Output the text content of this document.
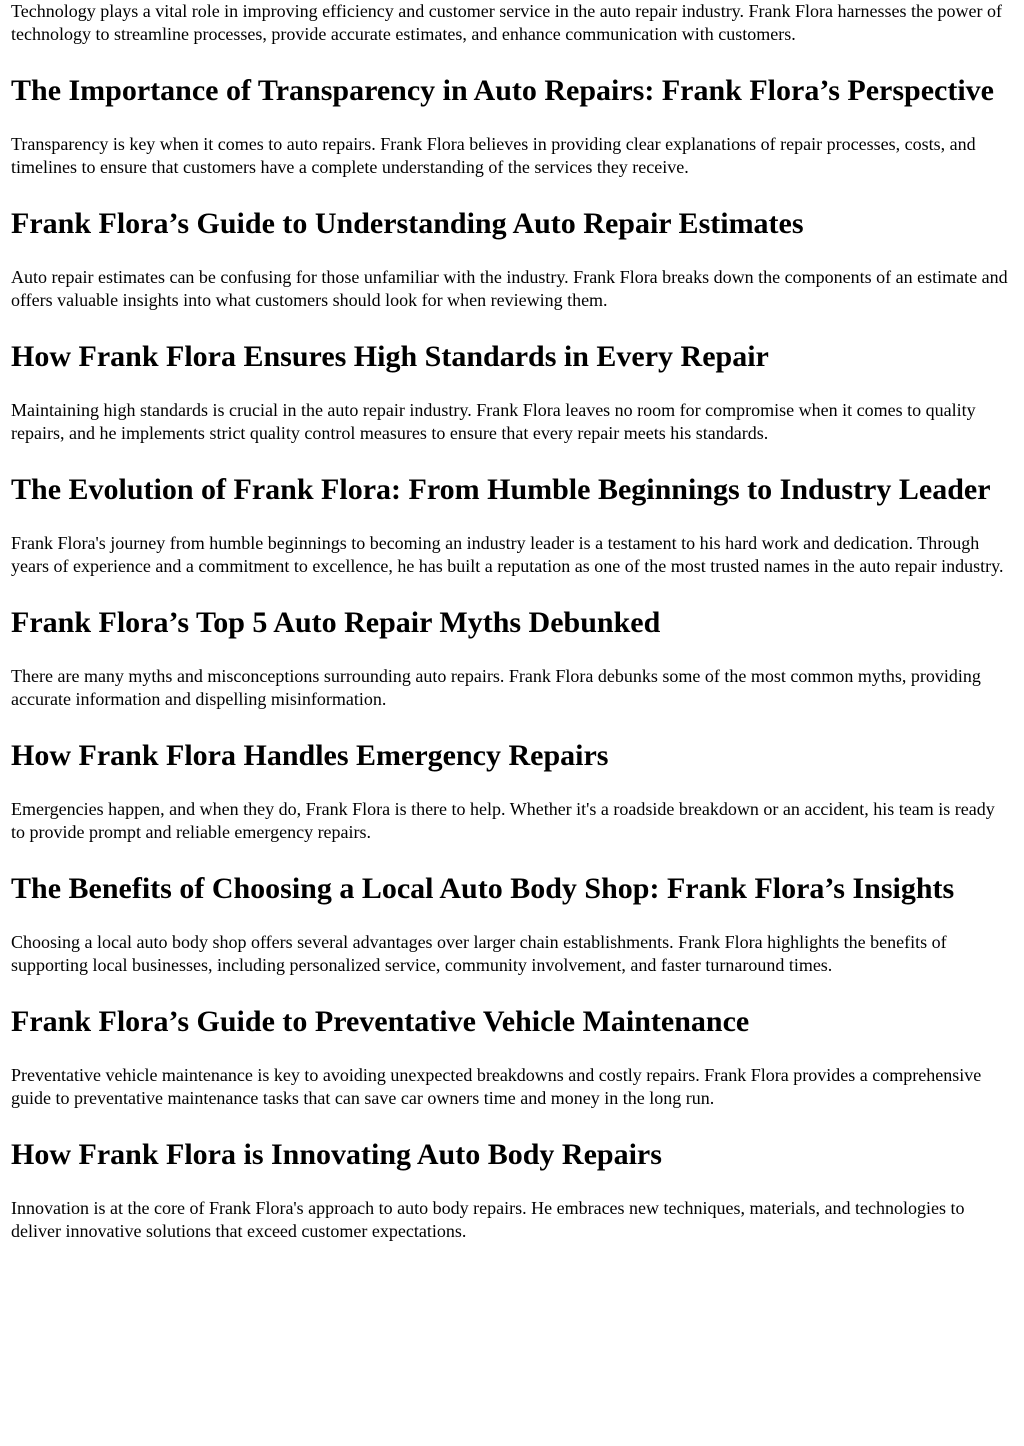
Technology plays a vital role in improving efficiency and customer service in the auto repair industry. Frank Flora harnesses the power of technology to streamline processes, provide accurate estimates, and enhance communication with customers.

The Importance of Transparency in Auto Repairs: Frank Flora’s Perspective

Transparency is key when it comes to auto repairs. Frank Flora believes in providing clear explanations of repair processes, costs, and timelines to ensure that customers have a complete understanding of the services they receive.

Frank Flora’s Guide to Understanding Auto Repair Estimates

Auto repair estimates can be confusing for those unfamiliar with the industry. Frank Flora breaks down the components of an estimate and offers valuable insights into what customers should look for when reviewing them.

How Frank Flora Ensures High Standards in Every Repair

Maintaining high standards is crucial in the auto repair industry. Frank Flora leaves no room for compromise when it comes to quality repairs, and he implements strict quality control measures to ensure that every repair meets his standards.

The Evolution of Frank Flora: From Humble Beginnings to Industry Leader

Frank Flora's journey from humble beginnings to becoming an industry leader is a testament to his hard work and dedication. Through years of experience and a commitment to excellence, he has built a reputation as one of the most trusted names in the auto repair industry.

Frank Flora’s Top 5 Auto Repair Myths Debunked

There are many myths and misconceptions surrounding auto repairs. Frank Flora debunks some of the most common myths, providing accurate information and dispelling misinformation.

How Frank Flora Handles Emergency Repairs

Emergencies happen, and when they do, Frank Flora is there to help. Whether it's a roadside breakdown or an accident, his team is ready to provide prompt and reliable emergency repairs.

The Benefits of Choosing a Local Auto Body Shop: Frank Flora’s Insights

Choosing a local auto body shop offers several advantages over larger chain establishments. Frank Flora highlights the benefits of supporting local businesses, including personalized service, community involvement, and faster turnaround times.

Frank Flora’s Guide to Preventative Vehicle Maintenance

Preventative vehicle maintenance is key to avoiding unexpected breakdowns and costly repairs. Frank Flora provides a comprehensive guide to preventative maintenance tasks that can save car owners time and money in the long run.

How Frank Flora is Innovating Auto Body Repairs

Innovation is at the core of Frank Flora's approach to auto body repairs. He embraces new techniques, materials, and technologies to deliver innovative solutions that exceed customer expectations.
